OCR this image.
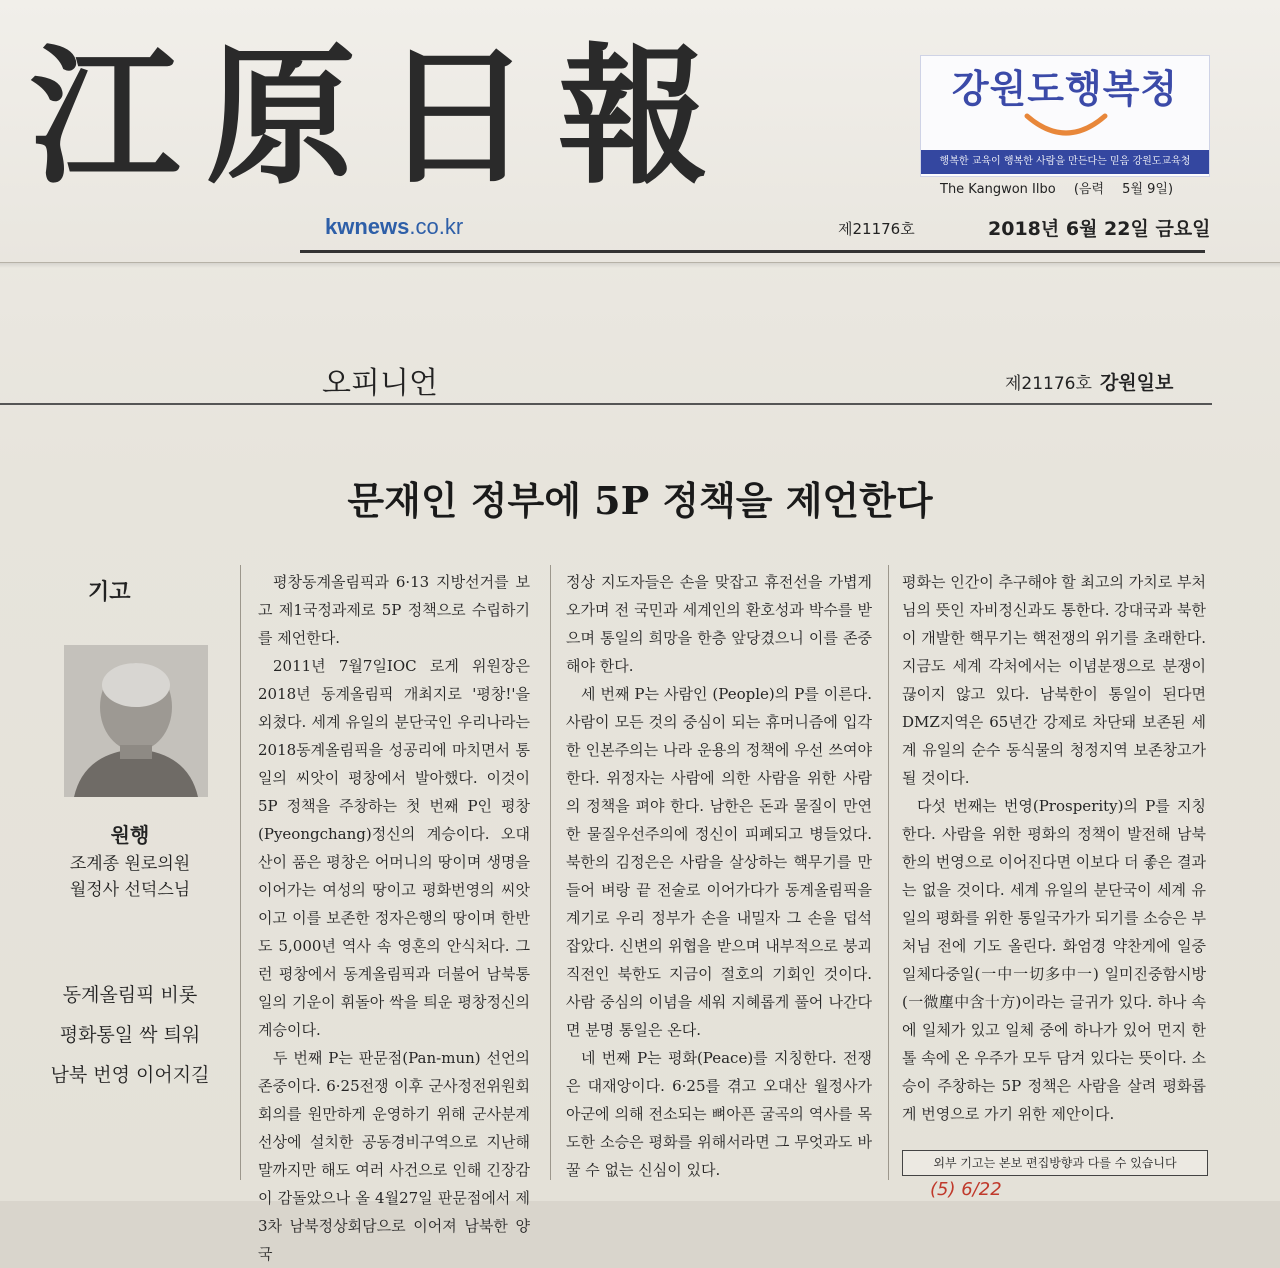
江原日報	강원도행복청
행복한 교육이 행복한 사람을 만든다는 믿음 강원도교육청
The Kangwon Ilbo (음력 5월 9일)
kwnews.co.kr	제21176호	2018년 6월 22일 금요일
오피니언	제21176호 강원일보
문재인 정부에 5P 정책을 제언한다
기고
원행
조계종 원로의원
월정사 선덕스님
동계올림픽 비롯
평화통일 싹 틔워
남북 번영 이어지길

평창동계올림픽과 6·13 지방선거를 보고 제1국정과제로 5P 정책으로 수립하기를 제언한다.

2011년 7월7일IOC 로게 위원장은 2018년 동계올림픽 개최지로 '평창!'을 외쳤다. 세계 유일의 분단국인 우리나라는 2018동계올림픽을 성공리에 마치면서 통일의 씨앗이 평창에서 발아했다. 이것이 5P 정책을 주창하는 첫 번째 P인 평창(Pyeongchang)정신의 계승이다. 오대산이 품은 평창은 어머니의 땅이며 생명을 이어가는 여성의 땅이고 평화번영의 씨앗이고 이를 보존한 정자은행의 땅이며 한반도 5,000년 역사 속 영혼의 안식처다. 그런 평창에서 동계올림픽과 더불어 남북통일의 기운이 휘돌아 싹을 틔운 평창정신의 계승이다.

두 번째 P는 판문점(Pan-mun) 선언의 존중이다. 6·25전쟁 이후 군사정전위원회 회의를 원만하게 운영하기 위해 군사분계선상에 설치한 공동경비구역으로 지난해 말까지만 해도 여러 사건으로 인해 긴장감이 감돌았으나 올 4월27일 판문점에서 제3차 남북정상회담으로 이어져 남북한 양국

정상 지도자들은 손을 맞잡고 휴전선을 가볍게 오가며 전 국민과 세계인의 환호성과 박수를 받으며 통일의 희망을 한층 앞당겼으니 이를 존중해야 한다.

세 번째 P는 사람인 (People)의 P를 이른다. 사람이 모든 것의 중심이 되는 휴머니즘에 입각한 인본주의는 나라 운용의 정책에 우선 쓰여야 한다. 위정자는 사람에 의한 사람을 위한 사람의 정책을 펴야 한다. 남한은 돈과 물질이 만연한 물질우선주의에 정신이 피폐되고 병들었다. 북한의 김정은은 사람을 살상하는 핵무기를 만들어 벼랑 끝 전술로 이어가다가 동계올림픽을 계기로 우리 정부가 손을 내밀자 그 손을 덥석 잡았다. 신변의 위협을 받으며 내부적으로 붕괴 직전인 북한도 지금이 절호의 기회인 것이다. 사람 중심의 이념을 세워 지혜롭게 풀어 나간다면 분명 통일은 온다.

네 번째 P는 평화(Peace)를 지칭한다. 전쟁은 대재앙이다. 6·25를 겪고 오대산 월정사가 아군에 의해 전소되는 뼈아픈 굴곡의 역사를 목도한 소승은 평화를 위해서라면 그 무엇과도 바꿀 수 없는 신심이 있다.

평화는 인간이 추구해야 할 최고의 가치로 부처님의 뜻인 자비정신과도 통한다. 강대국과 북한이 개발한 핵무기는 핵전쟁의 위기를 초래한다. 지금도 세계 각처에서는 이념분쟁으로 분쟁이 끊이지 않고 있다. 남북한이 통일이 된다면 DMZ지역은 65년간 강제로 차단돼 보존된 세계 유일의 순수 동식물의 청정지역 보존창고가 될 것이다.

다섯 번째는 번영(Prosperity)의 P를 지칭한다. 사람을 위한 평화의 정책이 발전해 남북한의 번영으로 이어진다면 이보다 더 좋은 결과는 없을 것이다. 세계 유일의 분단국이 세계 유일의 평화를 위한 통일국가가 되기를 소승은 부처님 전에 기도 올린다. 화엄경 약찬게에 일중일체다중일(一中一切多中一) 일미진중함시방(一微塵中含十方)이라는 글귀가 있다. 하나 속에 일체가 있고 일체 중에 하나가 있어 먼지 한 톨 속에 온 우주가 모두 담겨 있다는 뜻이다. 소승이 주창하는 5P 정책은 사람을 살려 평화롭게 번영으로 가기 위한 제안이다.

외부 기고는 본보 편집방향과 다를 수 있습니다
(5) 6/22
